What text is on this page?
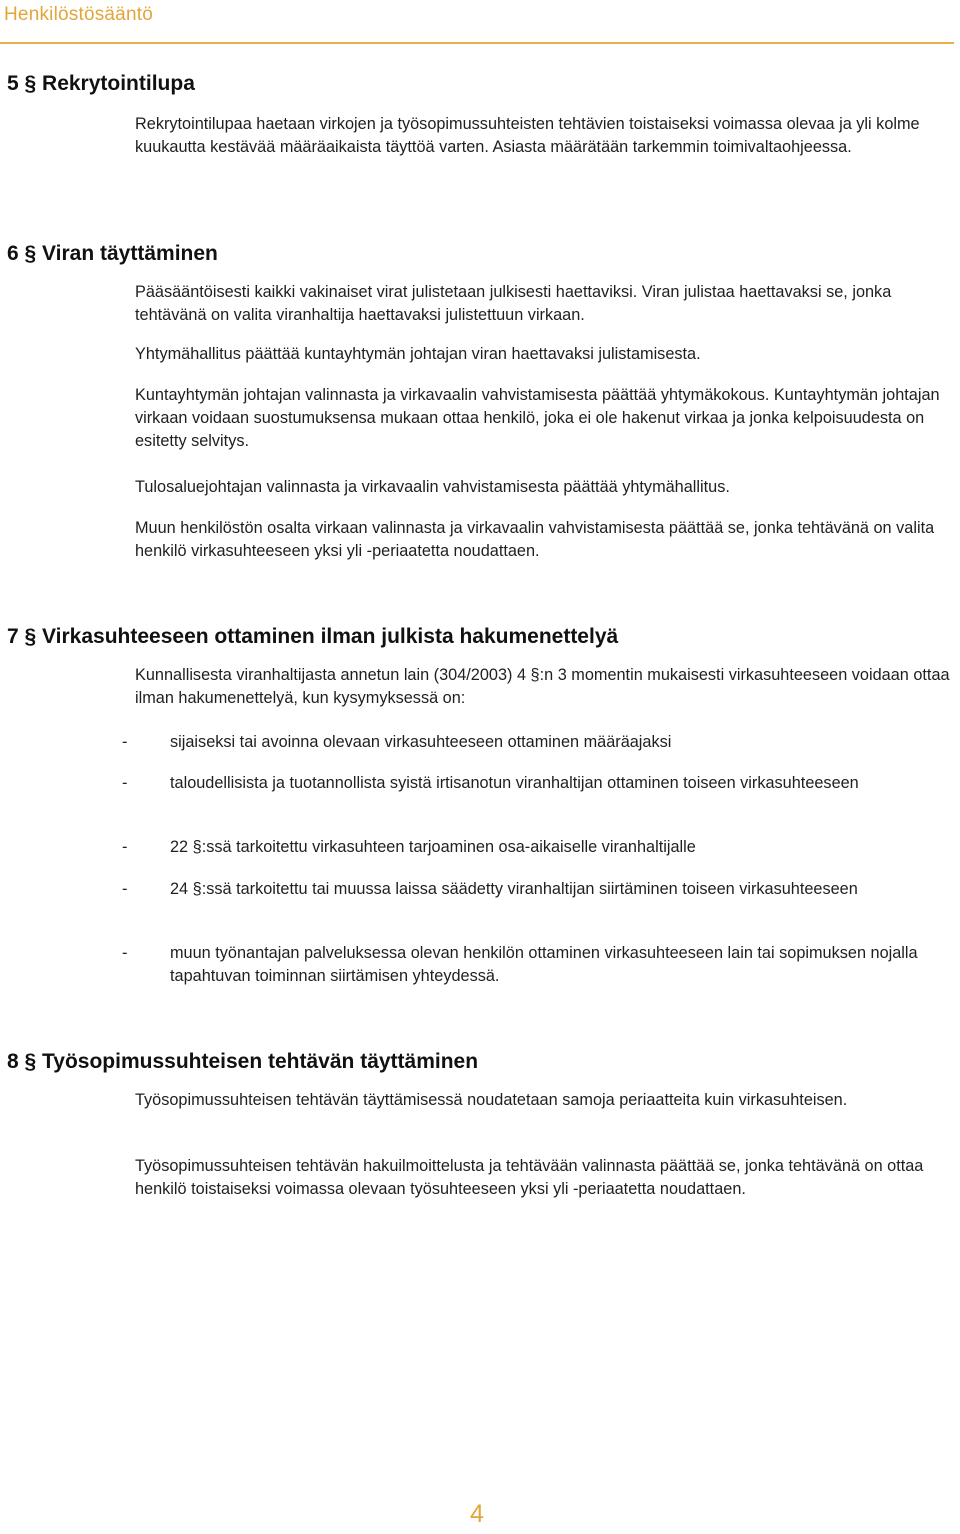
Henkilöstösääntö
5 § Rekrytointilupa

Rekrytointilupaa haetaan virkojen ja työsopimussuhteisten tehtävien toistaiseksi voimassa olevaa ja yli kolme kuukautta kestävää määräaikaista täyttöä varten. Asiasta määrätään tarkemmin toimivaltaohjeessa.

6 § Viran täyttäminen

Pääsääntöisesti kaikki vakinaiset virat julistetaan julkisesti haettaviksi. Viran julistaa haettavaksi se, jonka tehtävänä on valita viranhaltija haettavaksi julistettuun virkaan.

Yhtymähallitus päättää kuntayhtymän johtajan viran haettavaksi julistamisesta.

Kuntayhtymän johtajan valinnasta ja virkavaalin vahvistamisesta päättää yhtymäkokous. Kuntayhtymän johtajan virkaan voidaan suostumuksensa mukaan ottaa henkilö, joka ei ole hakenut virkaa ja jonka kelpoisuudesta on esitetty selvitys.

Tulosaluejohtajan valinnasta ja virkavaalin vahvistamisesta päättää yhtymähallitus.

Muun henkilöstön osalta virkaan valinnasta ja virkavaalin vahvistamisesta päättää se, jonka tehtävänä on valita henkilö virkasuhteeseen yksi yli -periaatetta noudattaen.

7 § Virkasuhteeseen ottaminen ilman julkista hakumenettelyä

Kunnallisesta viranhaltijasta annetun lain (304/2003) 4 §:n 3 momentin mukaisesti virkasuhteeseen voidaan ottaa ilman hakumenettelyä, kun kysymyksessä on:

-	sijaiseksi tai avoinna olevaan virkasuhteeseen ottaminen määräajaksi
-	taloudellisista ja tuotannollista syistä irtisanotun viranhaltijan ottaminen toiseen virkasuhteeseen
-	22 §:ssä tarkoitettu virkasuhteen tarjoaminen osa-aikaiselle viranhaltijalle
-	24 §:ssä tarkoitettu tai muussa laissa säädetty viranhaltijan siirtäminen toiseen virkasuhteeseen
-	muun työnantajan palveluksessa olevan henkilön ottaminen virkasuhteeseen lain tai sopimuksen nojalla tapahtuvan toiminnan siirtämisen yhteydessä.
8 § Työsopimussuhteisen tehtävän täyttäminen

Työsopimussuhteisen tehtävän täyttämisessä noudatetaan samoja periaatteita kuin virkasuhteisen.

Työsopimussuhteisen tehtävän hakuilmoittelusta ja tehtävään valinnasta päättää se, jonka tehtävänä on ottaa henkilö toistaiseksi voimassa olevaan työsuhteeseen yksi yli -periaatetta noudattaen.

4
